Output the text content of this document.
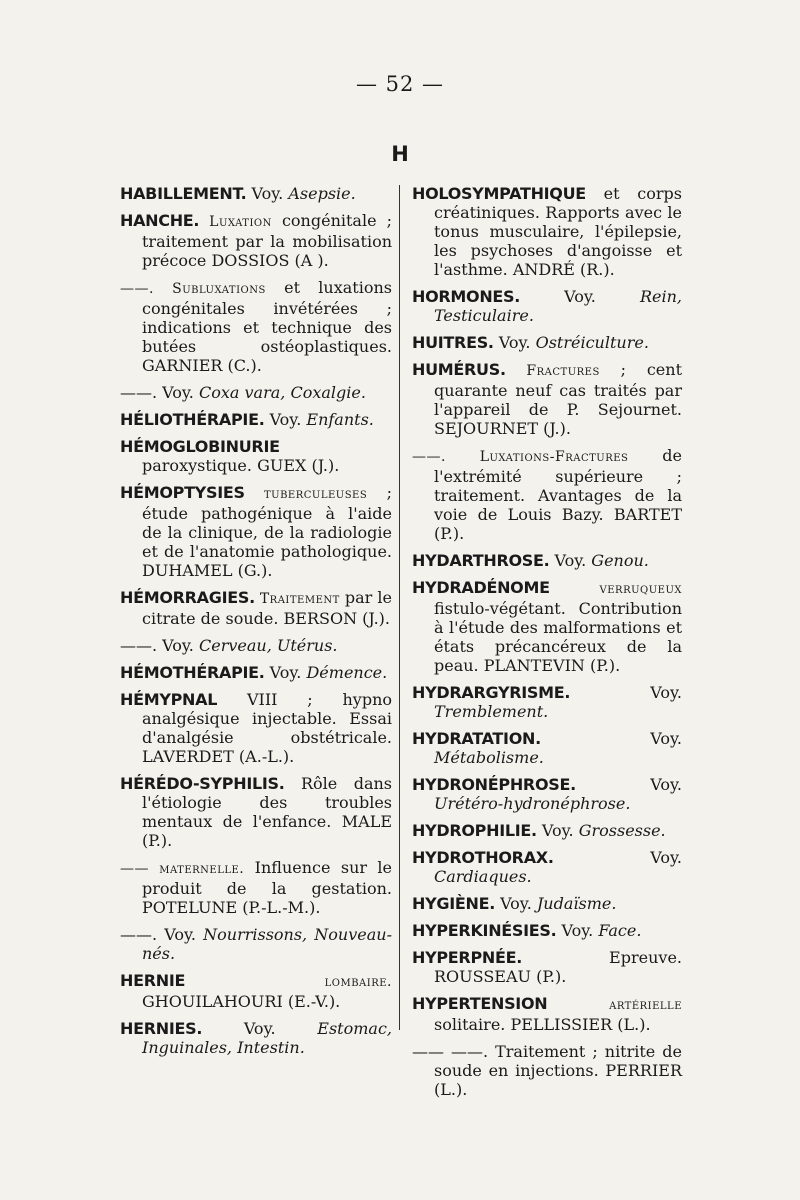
— 52 —
H

HABILLEMENT. Voy. Asepsie.

HANCHE. Luxation congénitale ; traitement par la mobilisation précoce DOSSIOS (A ).

——. Subluxations et luxations congénitales invétérées ; indications et technique des butées ostéoplastiques. GARNIER (C.).

——. Voy. Coxa vara, Coxalgie.

HÉLIOTHÉRAPIE. Voy. Enfants.

HÉMOGLOBINURIE paroxystique. GUEX (J.).

HÉMOPTYSIES tuberculeuses ; étude pathogénique à l'aide de la clinique, de la radiologie et de l'anatomie pathologique. DUHAMEL (G.).

HÉMORRAGIES. Traitement par le citrate de soude. BERSON (J.).

——. Voy. Cerveau, Utérus.

HÉMOTHÉRAPIE. Voy. Démence.

HÉMYPNAL VIII ; hypno analgésique injectable. Essai d'analgésie obstétricale. LAVERDET (A.-L.).

HÉRÉDO-SYPHILIS. Rôle dans l'étiologie des troubles mentaux de l'enfance. MALE (P.).

—— maternelle. Influence sur le produit de la gestation. POTELUNE (P.-L.-M.).

——. Voy. Nourrissons, Nouveau-nés.

HERNIE lombaire. GHOUILAHOURI (E.-V.).

HERNIES. Voy. Estomac, Inguinales, Intestin.

HOLOSYMPATHIQUE et corps créatiniques. Rapports avec le tonus musculaire, l'épilepsie, les psychoses d'angoisse et l'asthme. ANDRÉ (R.).

HORMONES. Voy. Rein, Testiculaire.

HUITRES. Voy. Ostréiculture.

HUMÉRUS. Fractures ; cent quarante neuf cas traités par l'appareil de P. Sejournet. SEJOURNET (J.).

——. Luxations-Fractures de l'extrémité supérieure ; traitement. Avantages de la voie de Louis Bazy. BARTET (P.).

HYDARTHROSE. Voy. Genou.

HYDRADÉNOME verruqueux fistulo-végétant. Contribution à l'étude des malformations et états précancéreux de la peau. PLANTEVIN (P.).

HYDRARGYRISME. Voy. Tremblement.

HYDRATATION. Voy. Métabolisme.

HYDRONÉPHROSE. Voy. Urétéro-hydronéphrose.

HYDROPHILIE. Voy. Grossesse.

HYDROTHORAX. Voy. Cardiaques.

HYGIÈNE. Voy. Judaïsme.

HYPERKINÉSIES. Voy. Face.

HYPERPNÉE. Epreuve. ROUSSEAU (P.).

HYPERTENSION artérielle solitaire. PELLISSIER (L.).

—— ——. Traitement ; nitrite de soude en injections. PERRIER (L.).
